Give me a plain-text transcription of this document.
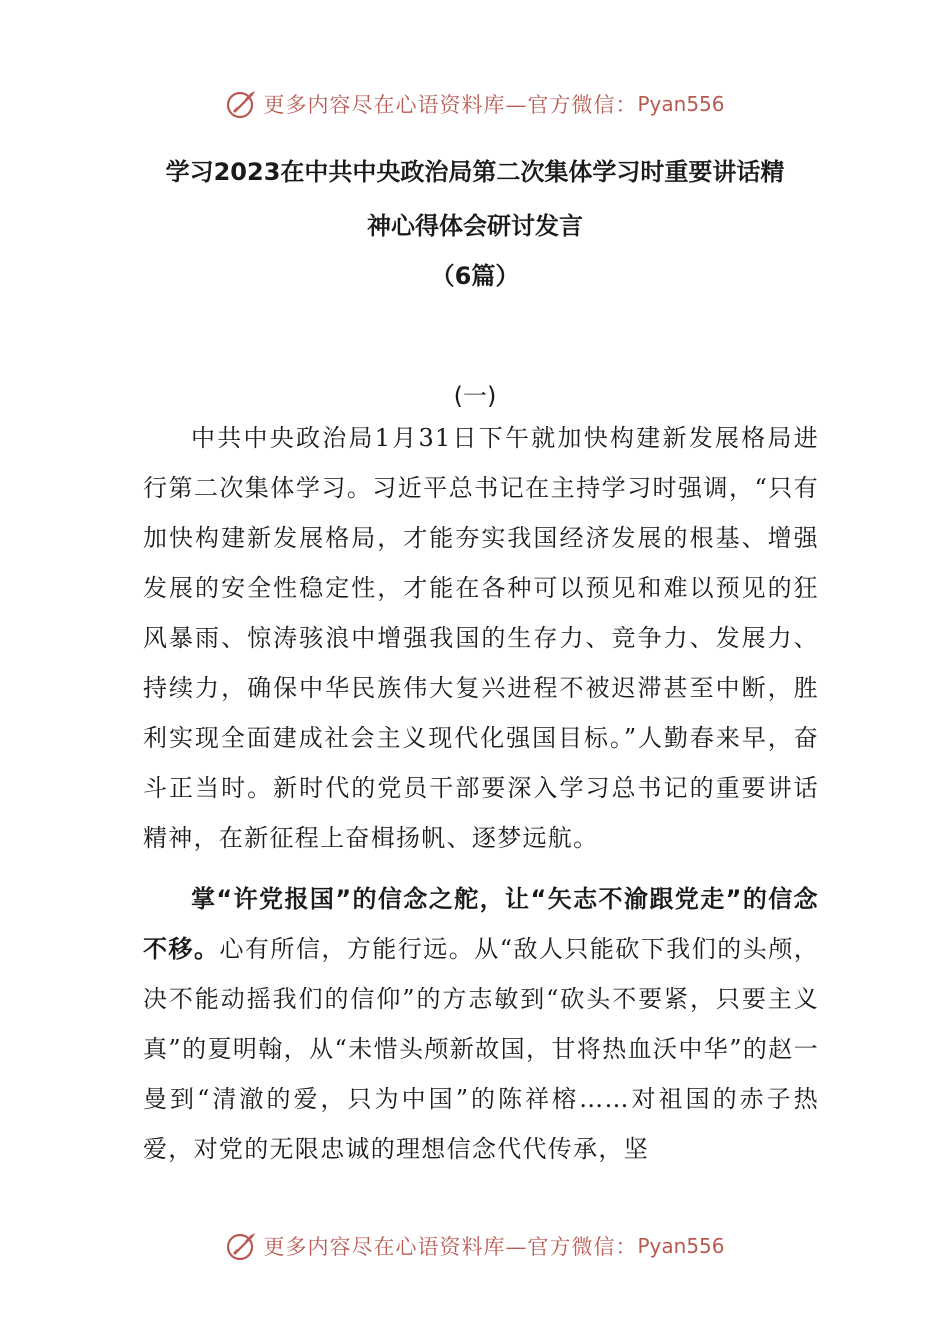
更多内容尽在心语资料库—官方微信： Pyan556
学习2023在中共中央政治局第二次集体学习时重要讲话精
神心得体会研讨发言
（6篇）
(一)

中共中央政治局1月31日下午就加快构建新发展格局进行第二次集体学习。习近平总书记在主持学习时强调，“只有加快构建新发展格局，才能夯实我国经济发展的根基、增强发展的安全性稳定性，才能在各种可以预见和难以预见的狂风暴雨、惊涛骇浪中增强我国的生存力、竞争力、发展力、持续力，确保中华民族伟大复兴进程不被迟滞甚至中断，胜利实现全面建成社会主义现代化强国目标。”人勤春来早，奋斗正当时。新时代的党员干部要深入学习总书记的重要讲话精神，在新征程上奋楫扬帆、逐梦远航。

掌“许党报国”的信念之舵，让“矢志不渝跟党走”的信念不移。心有所信，方能行远。从“敌人只能砍下我们的头颅，决不能动摇我们的信仰”的方志敏到“砍头不要紧，只要主义真”的夏明翰，从“未惜头颅新故国，甘将热血沃中华”的赵一曼到“清澈的爱，只为中国”的陈祥榕……对祖国的赤子热爱，对党的无限忠诚的理想信念代代传承，坚

更多内容尽在心语资料库—官方微信： Pyan556
